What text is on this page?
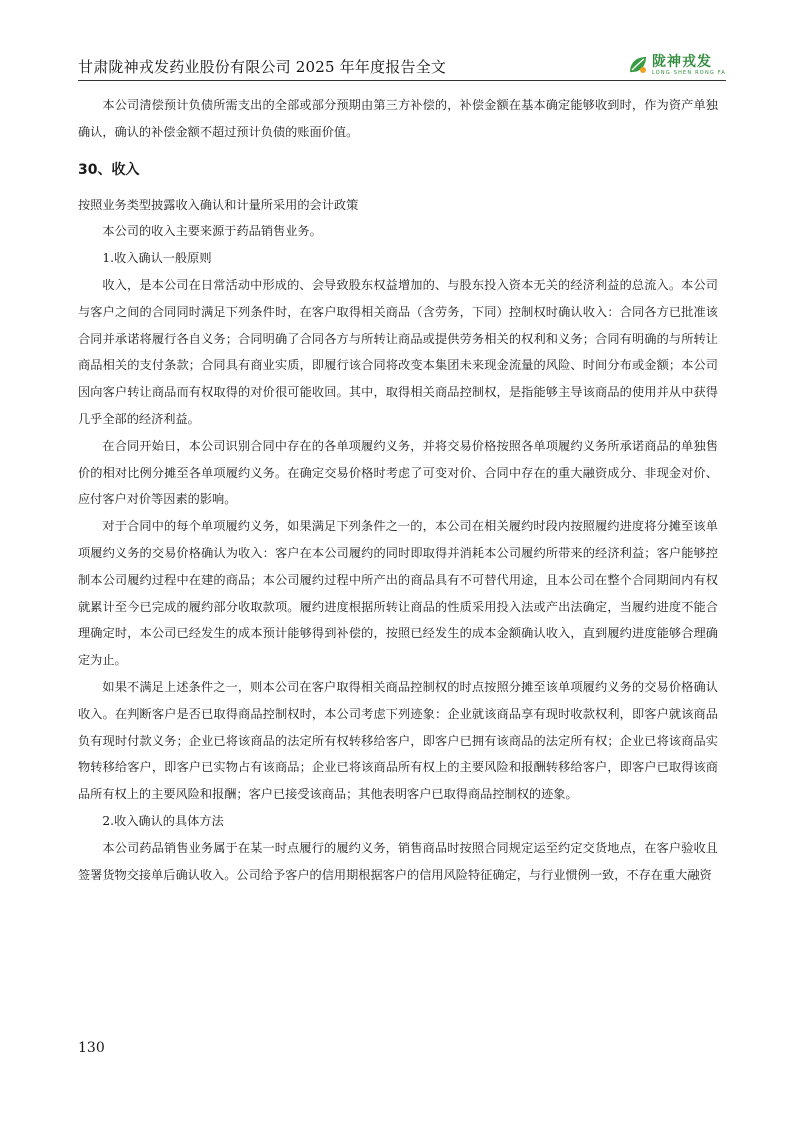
甘肃陇神戎发药业股份有限公司 2025 年年度报告全文	陇神戎发
LONG SHEN RONG FA

本公司清偿预计负债所需支出的全部或部分预期由第三方补偿的，补偿金额在基本确定能够收到时，作为资产单独确认，确认的补偿金额不超过预计负债的账面价值。

30、收入

按照业务类型披露收入确认和计量所采用的会计政策

本公司的收入主要来源于药品销售业务。

1.收入确认一般原则

收入，是本公司在日常活动中形成的、会导致股东权益增加的、与股东投入资本无关的经济利益的总流入。本公司与客户之间的合同同时满足下列条件时，在客户取得相关商品（含劳务，下同）控制权时确认收入：合同各方已批准该合同并承诺将履行各自义务；合同明确了合同各方与所转让商品或提供劳务相关的权利和义务；合同有明确的与所转让商品相关的支付条款；合同具有商业实质，即履行该合同将改变本集团未来现金流量的风险、时间分布或金额；本公司因向客户转让商品而有权取得的对价很可能收回。其中，取得相关商品控制权，是指能够主导该商品的使用并从中获得几乎全部的经济利益。

在合同开始日，本公司识别合同中存在的各单项履约义务，并将交易价格按照各单项履约义务所承诺商品的单独售价的相对比例分摊至各单项履约义务。在确定交易价格时考虑了可变对价、合同中存在的重大融资成分、非现金对价、应付客户对价等因素的影响。

对于合同中的每个单项履约义务，如果满足下列条件之一的，本公司在相关履约时段内按照履约进度将分摊至该单项履约义务的交易价格确认为收入：客户在本公司履约的同时即取得并消耗本公司履约所带来的经济利益；客户能够控制本公司履约过程中在建的商品；本公司履约过程中所产出的商品具有不可替代用途，且本公司在整个合同期间内有权就累计至今已完成的履约部分收取款项。履约进度根据所转让商品的性质采用投入法或产出法确定，当履约进度不能合理确定时，本公司已经发生的成本预计能够得到补偿的，按照已经发生的成本金额确认收入，直到履约进度能够合理确定为止。

如果不满足上述条件之一，则本公司在客户取得相关商品控制权的时点按照分摊至该单项履约义务的交易价格确认收入。在判断客户是否已取得商品控制权时，本公司考虑下列迹象：企业就该商品享有现时收款权利，即客户就该商品负有现时付款义务；企业已将该商品的法定所有权转移给客户，即客户已拥有该商品的法定所有权；企业已将该商品实物转移给客户，即客户已实物占有该商品；企业已将该商品所有权上的主要风险和报酬转移给客户，即客户已取得该商品所有权上的主要风险和报酬；客户已接受该商品；其他表明客户已取得商品控制权的迹象。

2.收入确认的具体方法

本公司药品销售业务属于在某一时点履行的履约义务，销售商品时按照合同规定运至约定交货地点，在客户验收且签署货物交接单后确认收入。公司给予客户的信用期根据客户的信用风险特征确定，与行业惯例一致，不存在重大融资

130
